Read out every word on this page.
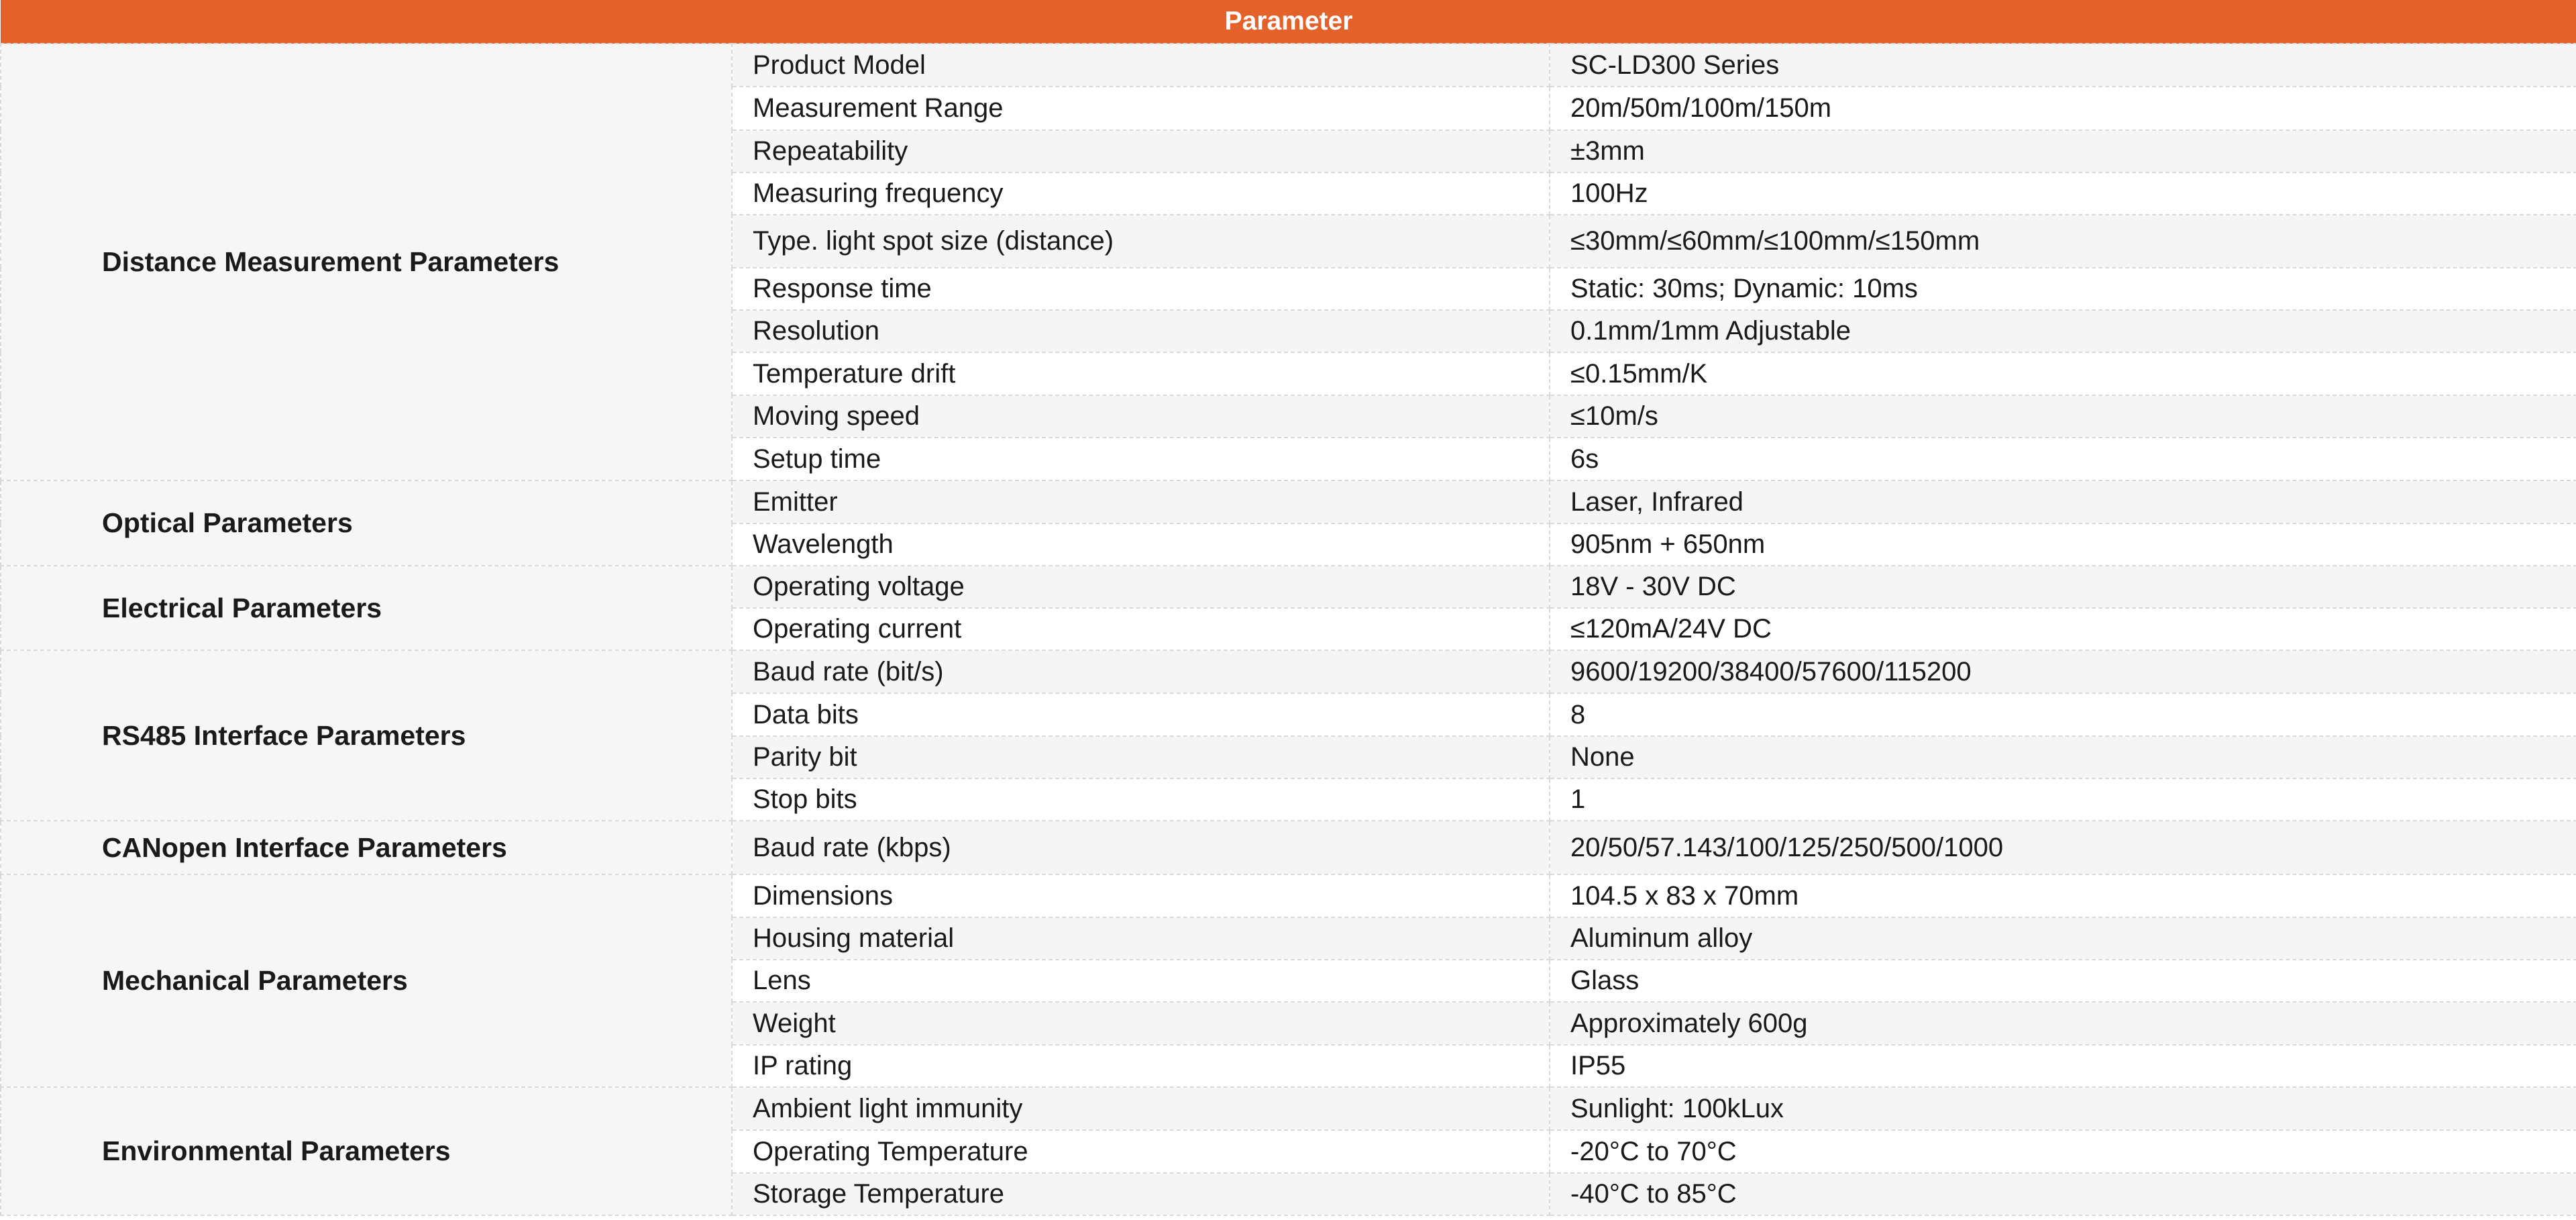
Parameter		
Distance Measurement Parameters	Product Model	SC-LD300 Series
	Measurement Range	20m/50m/100m/150m
	Repeatability	±3mm
	Measuring frequency	100Hz
	Type. light spot size (distance)	≤30mm/≤60mm/≤100mm/≤150mm
	Response time	Static: 30ms; Dynamic: 10ms
	Resolution	0.1mm/1mm Adjustable
	Temperature drift	≤0.15mm/K
	Moving speed	≤10m/s
	Setup time	6s
Optical Parameters	Emitter	Laser, Infrared
	Wavelength	905nm + 650nm
Electrical Parameters	Operating voltage	18V - 30V DC
	Operating current	≤120mA/24V DC
RS485 Interface Parameters	Baud rate (bit/s)	9600/19200/38400/57600/115200
	Data bits	8
	Parity bit	None
	Stop bits	1
CANopen Interface Parameters	Baud rate (kbps)	20/50/57.143/100/125/250/500/1000
Mechanical Parameters	Dimensions	104.5 x 83 x 70mm
	Housing material	Aluminum alloy
	Lens	Glass
	Weight	Approximately 600g
	IP rating	IP55
Environmental Parameters	Ambient light immunity	Sunlight: 100kLux
	Operating Temperature	-20°C to 70°C
	Storage Temperature	-40°C to 85°C
